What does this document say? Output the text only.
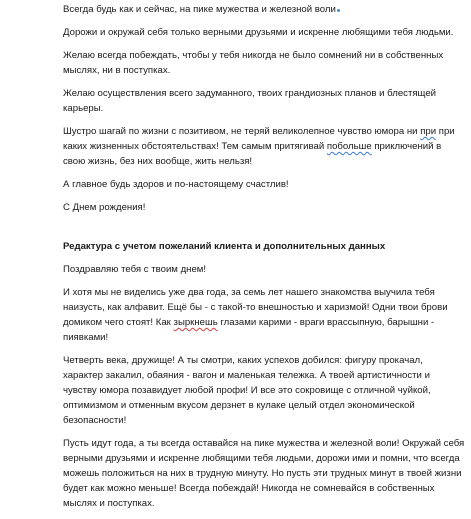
Всегда будь как и сейчас, на пике мужества и железной воли

Дорожи и окружай себя только верными друзьями и искренне любящими тебя людьми.

Желаю всегда побеждать, чтобы у тебя никогда не было сомнений ни в собственных мыслях, ни в поступках.

Желаю осуществления всего задуманного, твоих грандиозных планов и блестящей карьеры.

Шустро шагай по жизни с позитивом, не теряй великолепное чувство юмора ни при при каких жизненных обстоятельствах! Тем самым притягивай побольше приключений в свою жизнь, без них вообще, жить нельзя!

А главное будь здоров и по-настоящему счастлив!

С Днем рождения!

Редактура с учетом пожеланий клиента и дополнительных данных

Поздравляю тебя с твоим днем!

И хотя мы не виделись уже два года, за семь лет нашего знакомства выучила тебя наизусть, как алфавит. Ещё бы - с такой-то внешностью и харизмой! Одни твои брови домиком чего стоят! Как зыркнешь глазами карими - враги врассыпную, барышни - пиявками!

Четверть века, дружище! А ты смотри, каких успехов добился: фигуру прокачал, характер закалил, обаяния - вагон и маленькая тележка. А твоей артистичности и чувству юмора позавидует любой профи! И все это сокровище с отличной чуйкой, оптимизмом и отменным вкусом дерзнет в кулаке целый отдел экономической безопасности!

Пусть идут года, а ты всегда оставайся на пике мужества и железной воли! Окружай себя верными друзьями и искренне любящими тебя людьми, дорожи ими и помни, что всегда можешь положиться на них в трудную минуту. Но пусть эти трудных минут в твоей жизни будет как можно меньше! Всегда побеждай! Никогда не сомневайся в собственных мыслях и поступках.
